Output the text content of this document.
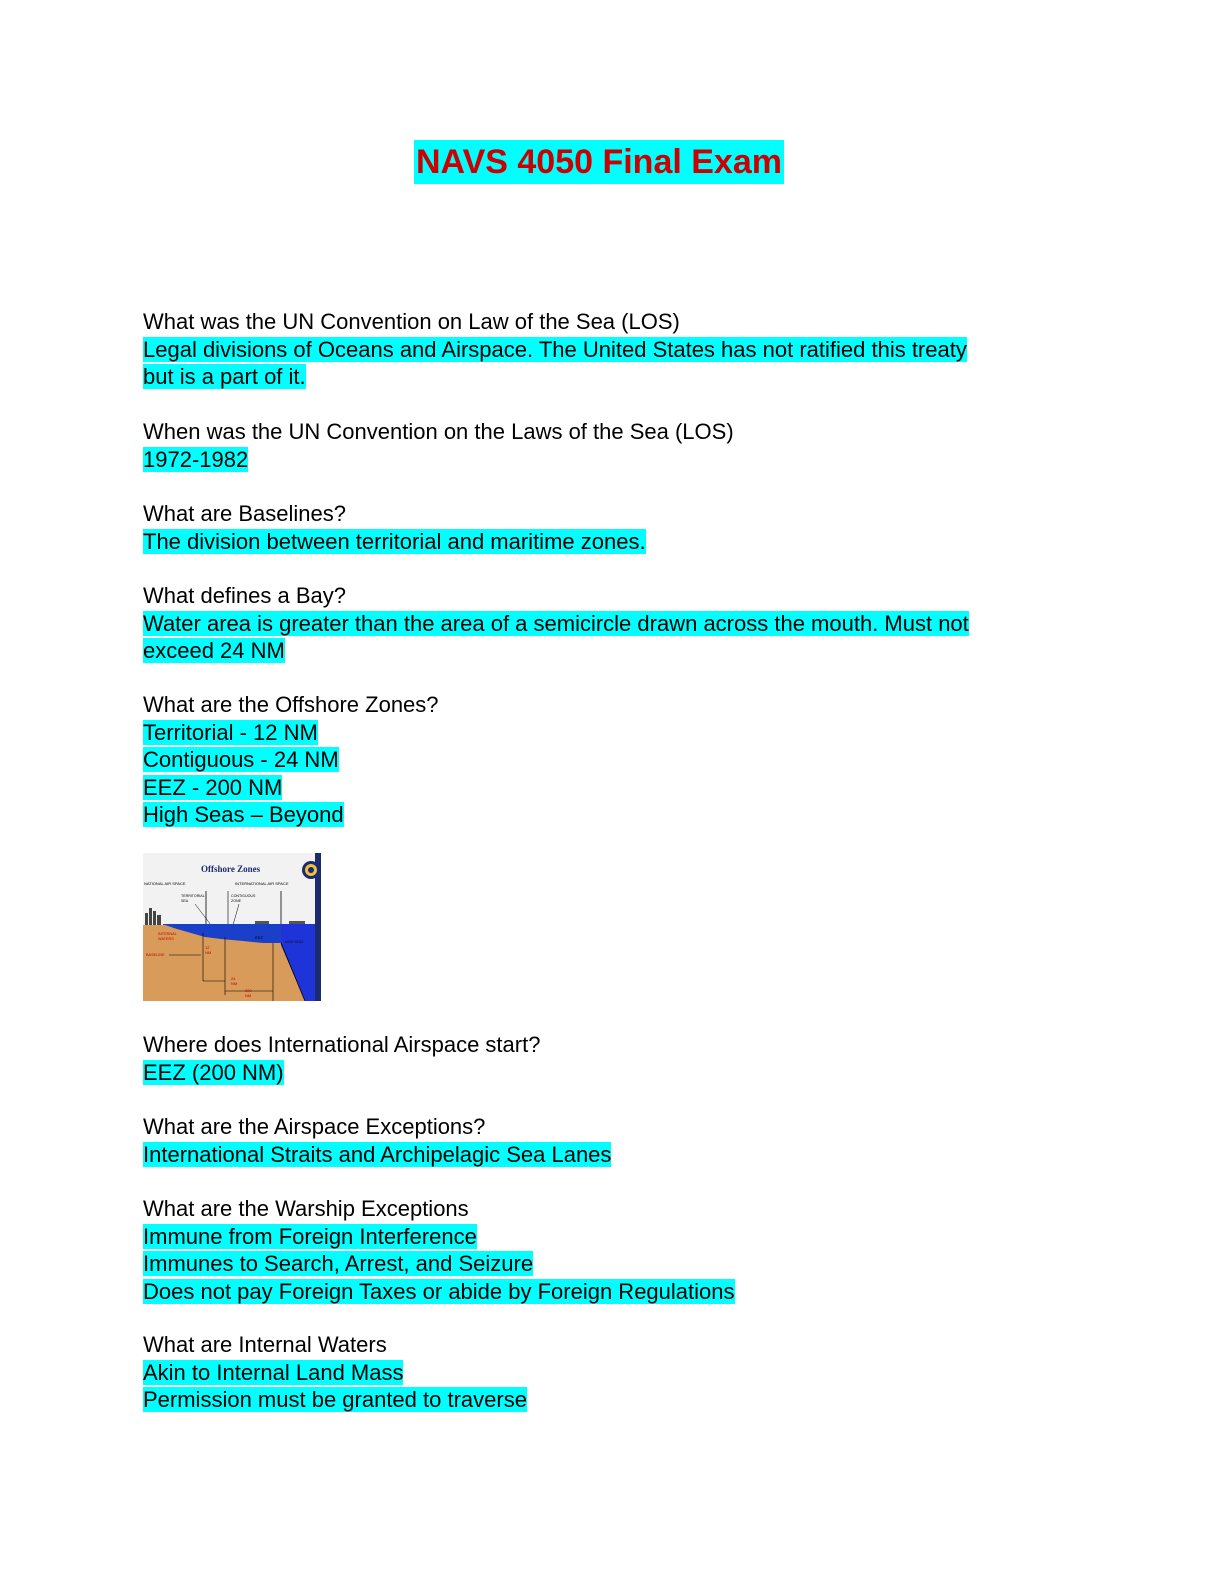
NAVS 4050 Final Exam
What was the UN Convention on Law of the Sea (LOS)
Legal divisions of Oceans and Airspace. The United States has not ratified this treaty
but is a part of it.
When was the UN Convention on the Laws of the Sea (LOS)
1972-1982
What are Baselines?
The division between territorial and maritime zones.
What defines a Bay?
Water area is greater than the area of a semicircle drawn across the mouth. Must not
exceed 24 NM
What are the Offshore Zones?
Territorial - 12 NM
Contiguous - 24 NM
EEZ - 200 NM
High Seas – Beyond
Offshore Zones
NATIONAL AIR SPACE	INTERNATIONAL AIR SPACE
TERRITORIAL
SEA
CONTIGUOUS
ZONE
INTERNAL
WATERS
BASELINE
12
NM
EEZ
HIGH SEAS
24
NM
200
NM
Where does International Airspace start?
EEZ (200 NM)
What are the Airspace Exceptions?
International Straits and Archipelagic Sea Lanes
What are the Warship Exceptions
Immune from Foreign Interference
Immunes to Search, Arrest, and Seizure
Does not pay Foreign Taxes or abide by Foreign Regulations
What are Internal Waters
Akin to Internal Land Mass
Permission must be granted to traverse
